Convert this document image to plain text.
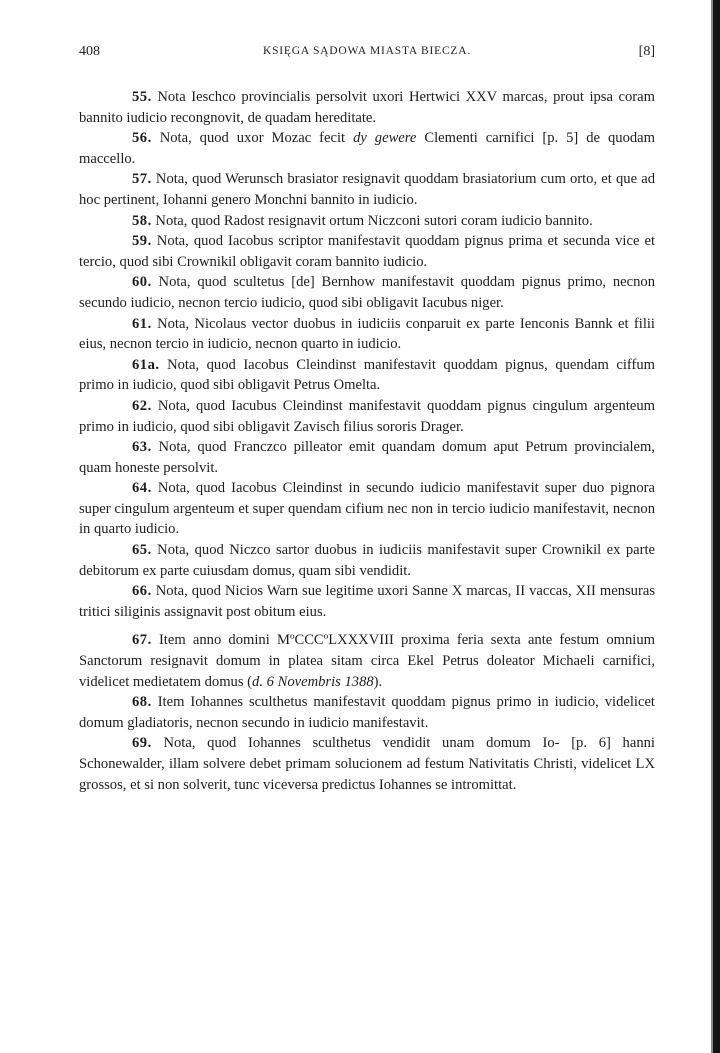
408	KSIĘGA SĄDOWA MIASTA BIECZA.	[8]

55. Nota Ieschco provincialis persolvit uxori Hertwici XXV marcas, prout ipsa coram bannito iudicio recongnovit, de quadam hereditate.

56. Nota, quod uxor Mozac fecit dy gewere Clementi carnifici [p. 5] de quodam maccello.

57. Nota, quod Werunsch brasiator resignavit quoddam brasiatorium cum orto, et que ad hoc pertinent, Iohanni genero Monchni bannito in iudicio.

58. Nota, quod Radost resignavit ortum Niczconi sutori coram iudicio bannito.

59. Nota, quod Iacobus scriptor manifestavit quoddam pignus prima et secunda vice et tercio, quod sibi Crownikil obligavit coram bannito iudicio.

60. Nota, quod scultetus [de] Bernhow manifestavit quoddam pignus primo, necnon secundo iudicio, necnon tercio iudicio, quod sibi obligavit Iacubus niger.

61. Nota, Nicolaus vector duobus in iudiciis conparuit ex parte Ienconis Bannk et filii eius, necnon tercio in iudicio, necnon quarto in iudicio.

61a. Nota, quod Iacobus Cleindinst manifestavit quoddam pignus, quendam ciffum primo in iudicio, quod sibi obligavit Petrus Omelta.

62. Nota, quod Iacubus Cleindinst manifestavit quoddam pignus cingulum argenteum primo in iudicio, quod sibi obligavit Zavisch filius sororis Drager.

63. Nota, quod Franczco pilleator emit quandam domum aput Petrum provincialem, quam honeste persolvit.

64. Nota, quod Iacobus Cleindinst in secundo iudicio manifestavit super duo pignora super cingulum argenteum et super quendam cifium nec non in tercio iudicio manifestavit, necnon in quarto iudicio.

65. Nota, quod Niczco sartor duobus in iudiciis manifestavit super Crownikil ex parte debitorum ex parte cuiusdam domus, quam sibi vendidit.

66. Nota, quod Nicios Warn sue legitime uxori Sanne X marcas, II vaccas, XII mensuras tritici siliginis assignavit post obitum eius.

67. Item anno domini MºCCCºLXXXVIII proxima feria sexta ante festum omnium Sanctorum resignavit domum in platea sitam circa Ekel Petrus doleator Michaeli carnifici, videlicet medietatem domus (d. 6 Novembris 1388).

68. Item Iohannes sculthetus manifestavit quoddam pignus primo in iudicio, videlicet domum gladiatoris, necnon secundo in iudicio manifestavit.

69. Nota, quod Iohannes sculthetus vendidit unam domum Io- [p. 6] hanni Schonewalder, illam solvere debet primam solucionem ad festum Nativitatis Christi, videlicet LX grossos, et si non solverit, tunc viceversa predictus Iohannes se intromittat.
